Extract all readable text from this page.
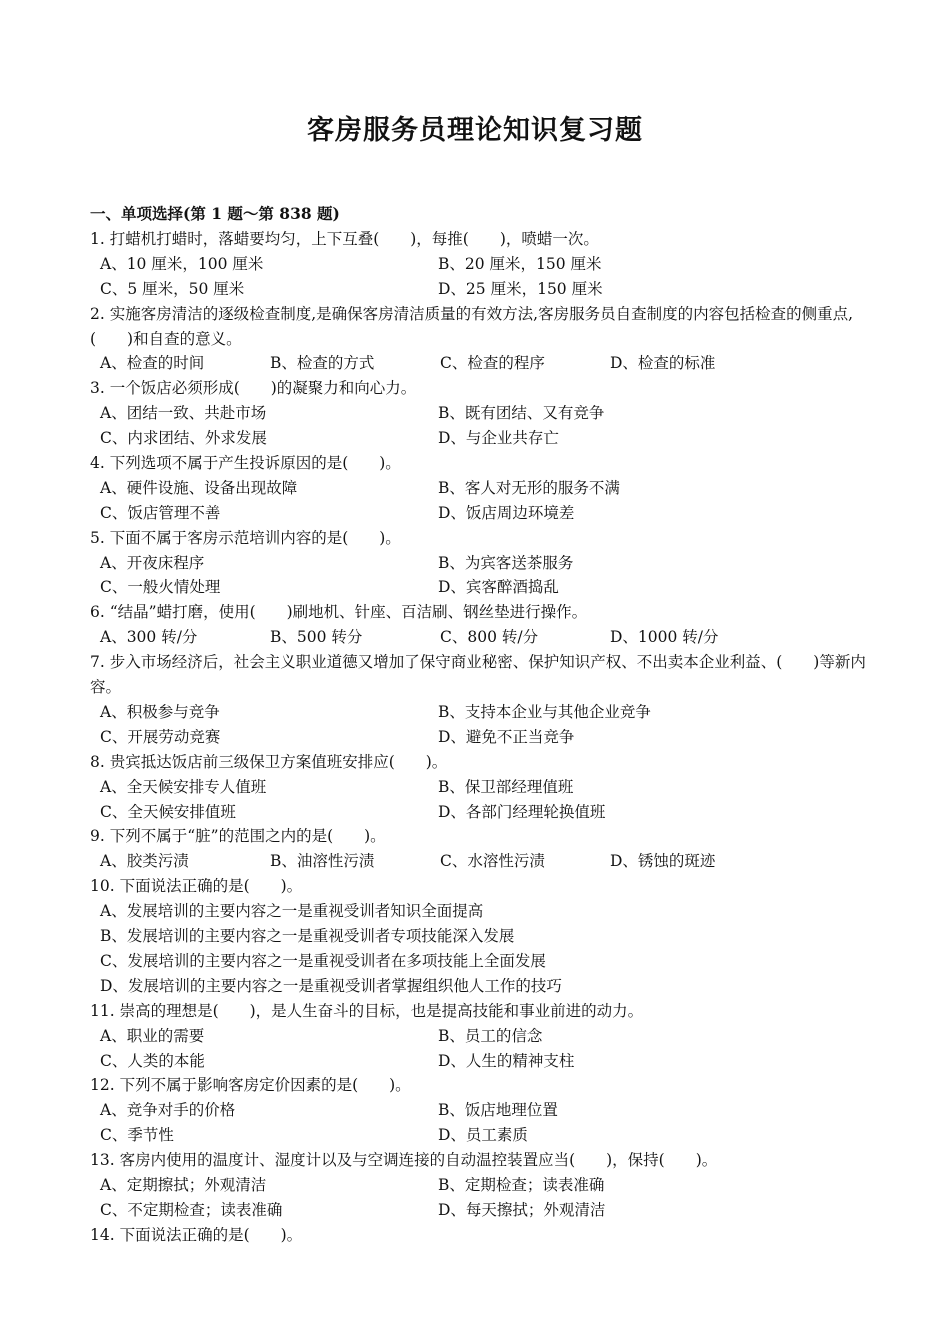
客房服务员理论知识复习题
一、单项选择(第 1 题～第 838 题)
1. 打蜡机打蜡时，落蜡要均匀，上下互叠(　　)，每推(　　)，喷蜡一次。
A、10 厘米，100 厘米	B、20 厘米，150 厘米
C、5 厘米，50 厘米	D、25 厘米，150 厘米
2. 实施客房清洁的逐级检查制度,是确保客房清洁质量的有效方法,客房服务员自查制度的内容包括检查的侧重点,(　　)和自查的意义。
A、检查的时间	B、检查的方式	C、检查的程序	D、检查的标准
3. 一个饭店必须形成(　　)的凝聚力和向心力。
A、团结一致、共赴市场	B、既有团结、又有竞争
C、内求团结、外求发展	D、与企业共存亡
4. 下列选项不属于产生投诉原因的是(　　)。
A、硬件设施、设备出现故障	B、客人对无形的服务不满
C、饭店管理不善	D、饭店周边环境差
5. 下面不属于客房示范培训内容的是(　　)。
A、开夜床程序	B、为宾客送茶服务
C、一般火情处理	D、宾客醉酒捣乱
6. “结晶”蜡打磨，使用(　　)刷地机、针座、百洁刷、钢丝垫进行操作。
A、300 转/分	B、500 转分	C、800 转/分	D、1000 转/分
7. 步入市场经济后，社会主义职业道德又增加了保守商业秘密、保护知识产权、不出卖本企业利益、(　　)等新内容。
A、积极参与竞争	B、支持本企业与其他企业竞争
C、开展劳动竞赛	D、避免不正当竞争
8. 贵宾抵达饭店前三级保卫方案值班安排应(　　)。
A、全天候安排专人值班	B、保卫部经理值班
C、全天候安排值班	D、各部门经理轮换值班
9. 下列不属于“脏”的范围之内的是(　　)。
A、胶类污渍	B、油溶性污渍	C、水溶性污渍	D、锈蚀的斑迹
10. 下面说法正确的是(　　)。
A、发展培训的主要内容之一是重视受训者知识全面提高
B、发展培训的主要内容之一是重视受训者专项技能深入发展
C、发展培训的主要内容之一是重视受训者在多项技能上全面发展
D、发展培训的主要内容之一是重视受训者掌握组织他人工作的技巧
11. 崇高的理想是(　　)，是人生奋斗的目标，也是提高技能和事业前进的动力。
A、职业的需要	B、员工的信念
C、人类的本能	D、人生的精神支柱
12. 下列不属于影响客房定价因素的是(　　)。
A、竞争对手的价格	B、饭店地理位置
C、季节性	D、员工素质
13. 客房内使用的温度计、湿度计以及与空调连接的自动温控装置应当(　　)，保持(　　)。
A、定期擦拭；外观清洁	B、定期检查；读表准确
C、不定期检查；读表准确	D、每天擦拭；外观清洁
14. 下面说法正确的是(　　)。
